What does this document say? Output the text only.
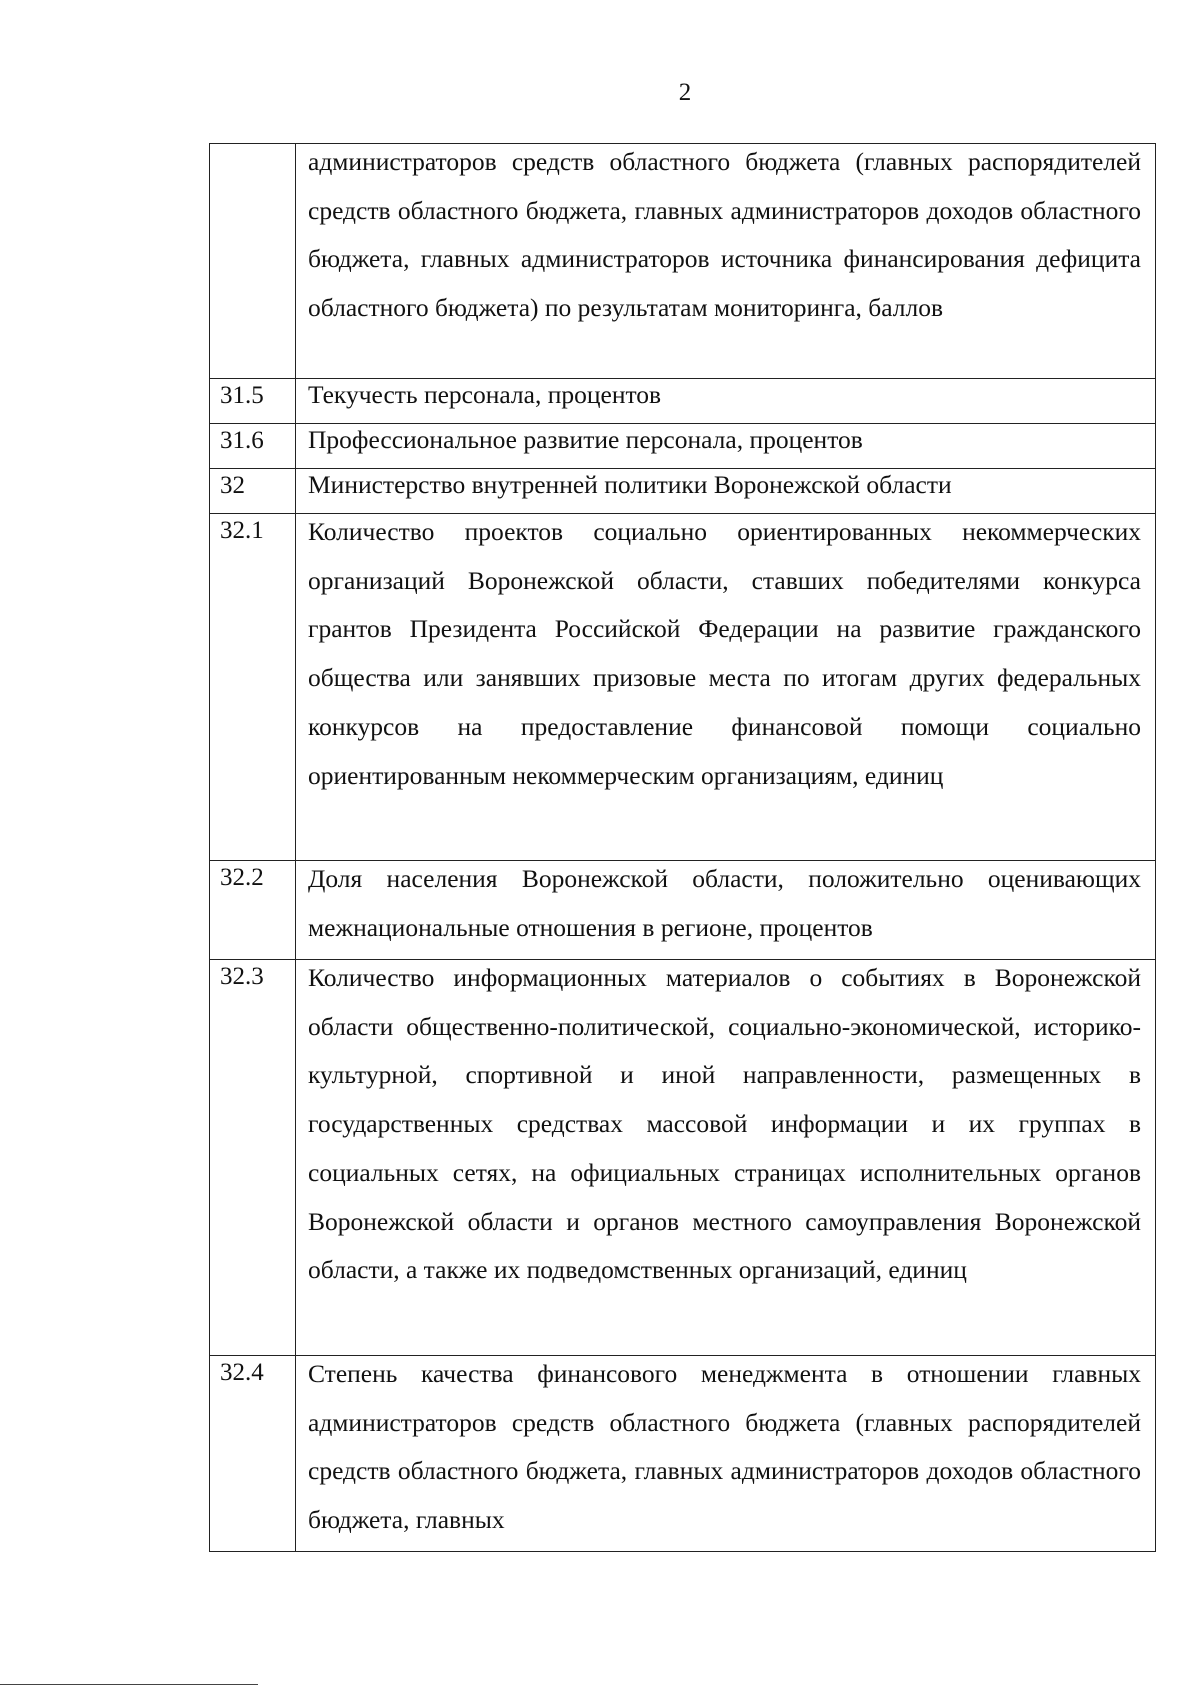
2

	администраторов средств областного бюджета (главных распорядителей средств областного бюджета, главных администраторов доходов областного бюджета, главных администраторов источника финансирования дефицита областного бюджета) по результатам мониторинга, баллов

31.5	Текучесть персонала, процентов

31.6	Профессиональное развитие персонала, процентов

32	Министерство внутренней политики Воронежской области

32.1	Количество проектов социально ориентированных некоммерческих организаций Воронежской области, ставших победителями конкурса грантов Президента Российской Федерации на развитие гражданского общества или занявших призовые места по итогам других федеральных конкурсов на предоставление финансовой помощи социально ориентированным некоммерческим организациям, единиц

32.2	Доля населения Воронежской области, положительно оценивающих межнациональные отношения в регионе, процентов

32.3	Количество информационных материалов о событиях в Воронежской области общественно-политической, социально-экономической, историко-культурной, спортивной и иной направленности, размещенных в государственных средствах массовой информации и их группах в социальных сетях, на официальных страницах исполнительных органов Воронежской области и органов местного самоуправления Воронежской области, а также их подведомственных организаций, единиц

32.4	Степень качества финансового менеджмента в отношении главных администраторов средств областного бюджета (главных распорядителей средств областного бюджета, главных администраторов доходов областного бюджета, главных
